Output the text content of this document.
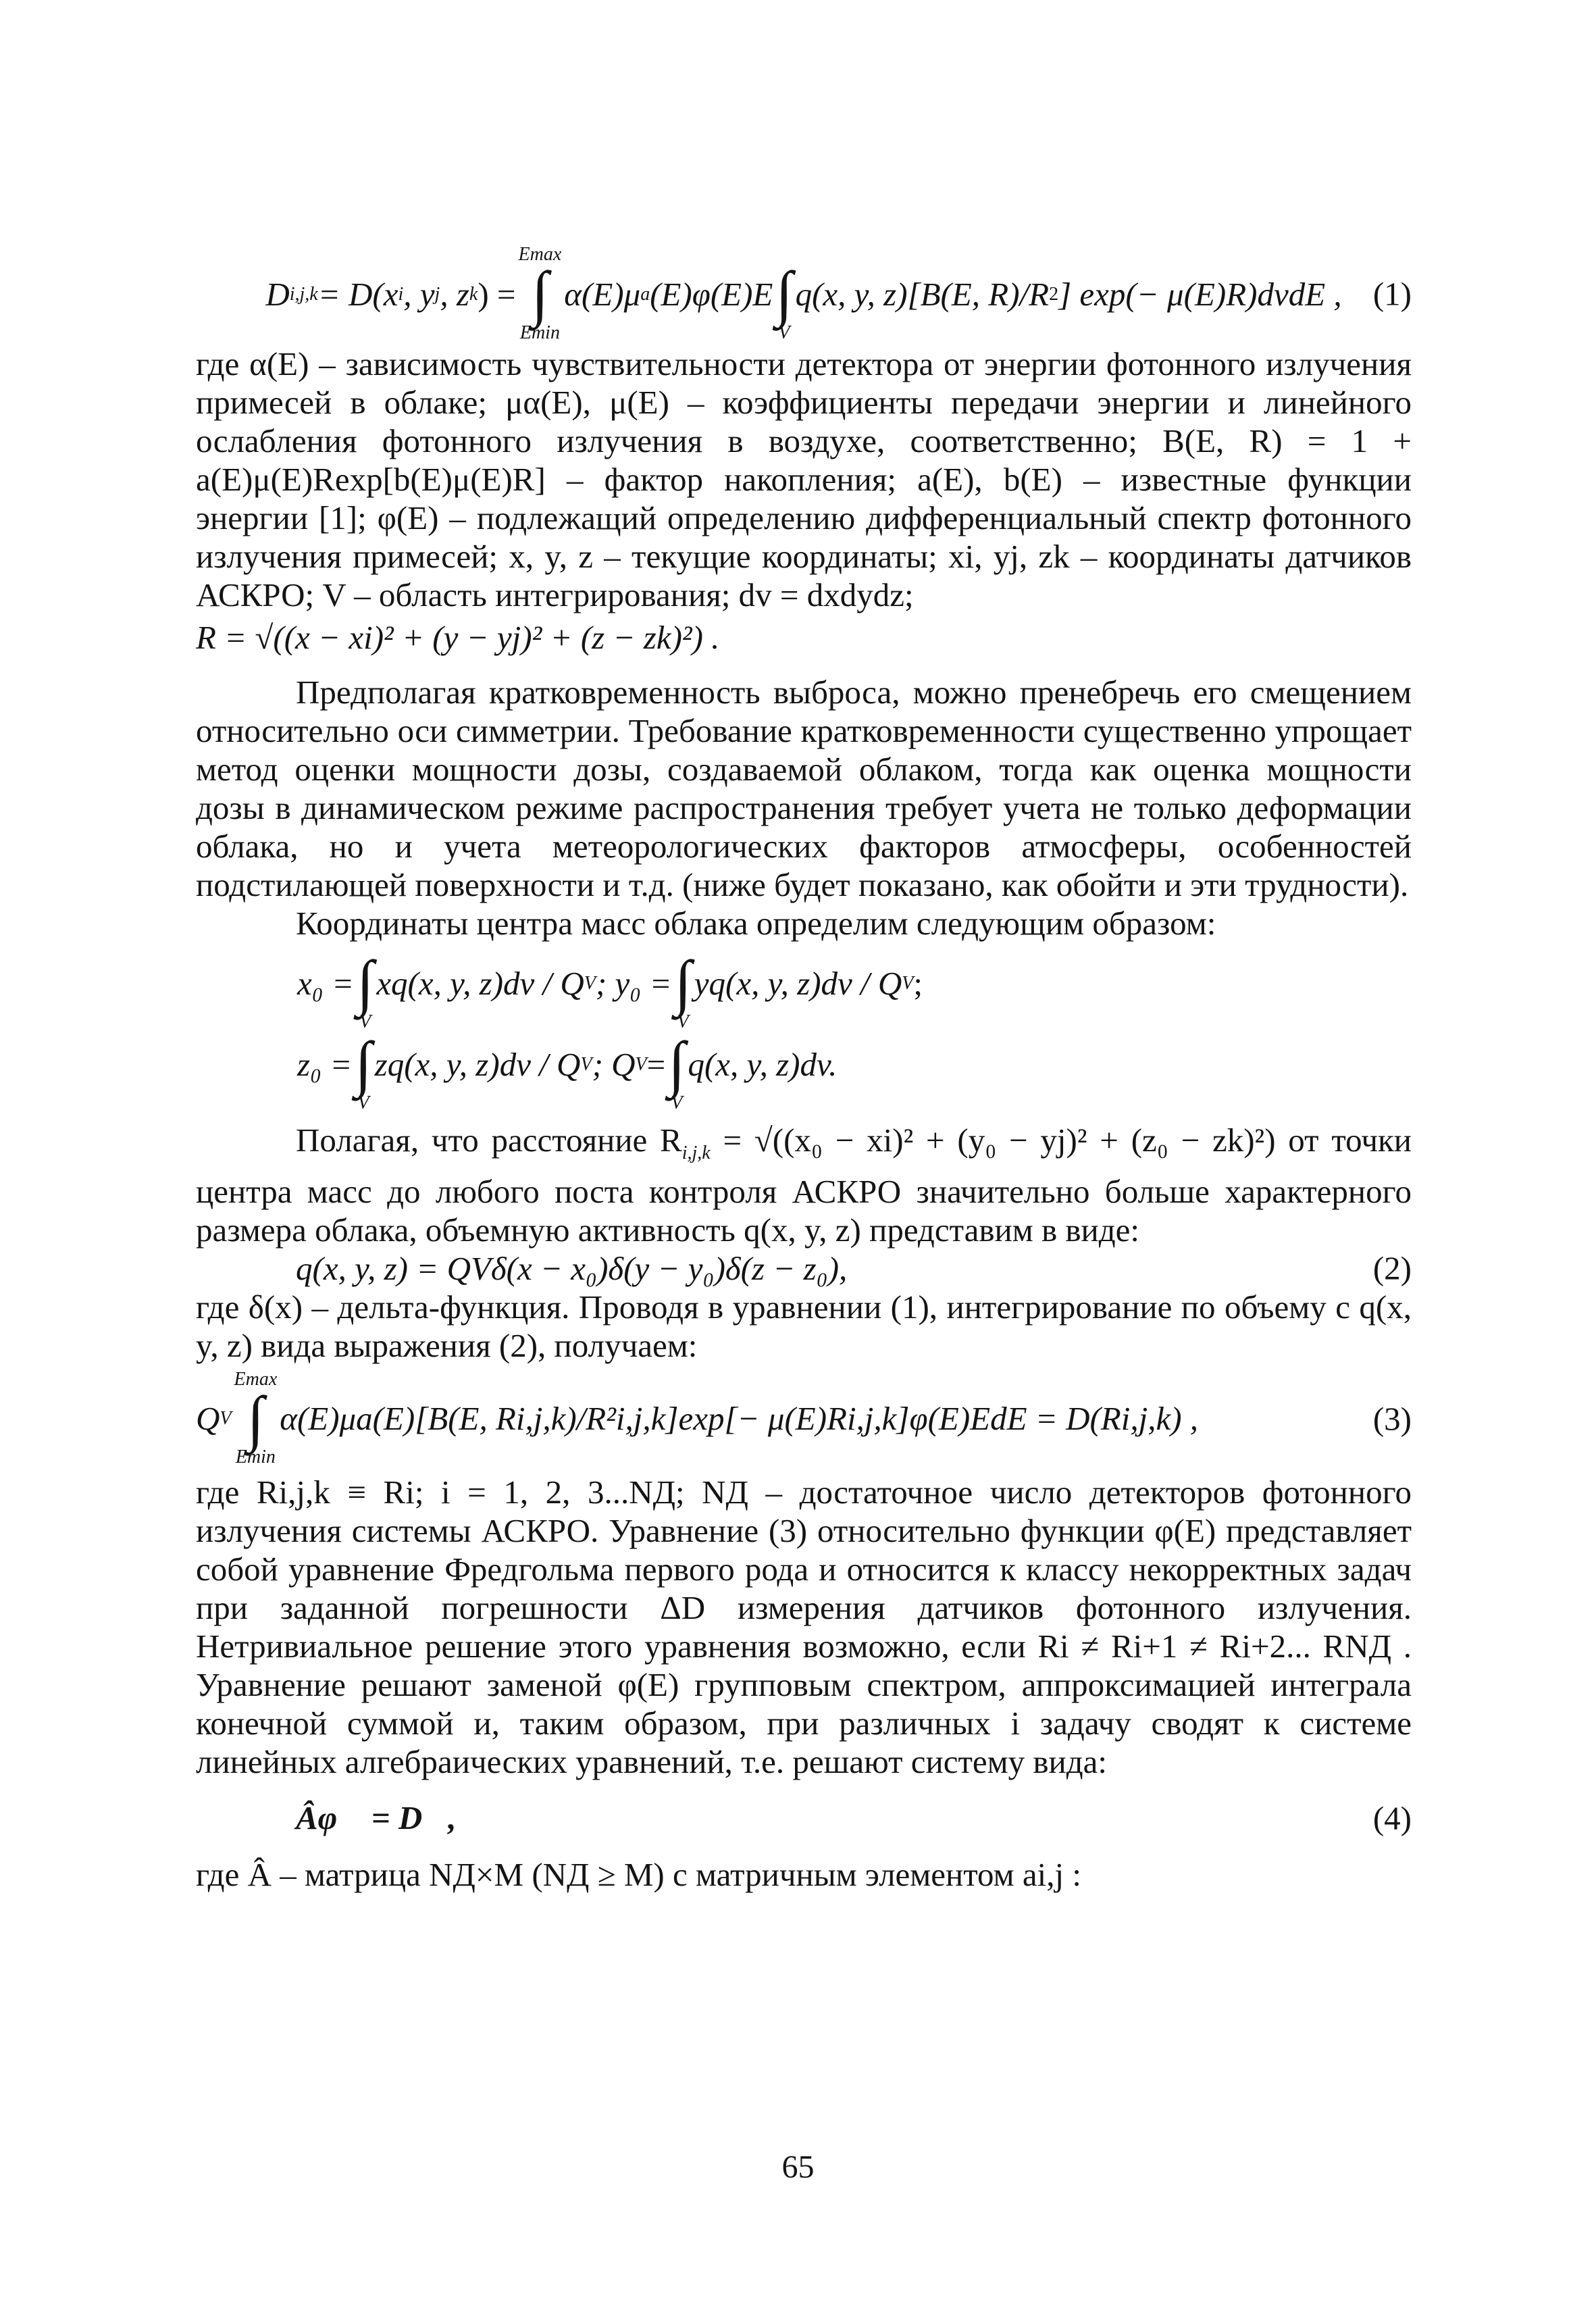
D i,j,k = D(x i , y j , z k ) =
Emax
∫
Emin
α(E)μ a (E)φ(E)E
∫
V
q(x, y, z)[B(E, R)/R 2 ] exp(− μ(E)R)dvdE , (1)

где α(E) – зависимость чувствительности детектора от энергии фотонного излучения примесей в облаке; μα(E), μ(E) – коэффициенты передачи энергии и линейного ослабления фотонного излучения в воздухе, соответственно; B(E, R) = 1 + a(E)μ(E)Rexp[b(E)μ(E)R] – фактор накопления; a(E), b(E) – известные функции энергии [1]; φ(E) – подлежащий определению дифференциальный спектр фотонного излучения примесей; x, y, z – текущие координаты; xi, yj, zk – координаты датчиков АСКРО; V – область интегрирования; dv = dxdydz;

R = √((x − xi)² + (y − yj)² + (z − zk)²) .

Предполагая кратковременность выброса, можно пренебречь его смещением относительно оси симметрии. Требование кратковременности существенно упрощает метод оценки мощности дозы, создаваемой облаком, тогда как оценка мощности дозы в динамическом режиме распространения требует учета не только деформации облака, но и учета метеорологических факторов атмосферы, особенностей подстилающей поверхности и т.д. (ниже будет показано, как обойти и эти трудности).

Координаты центра масс облака определим следующим образом:

x₀ =
∫
V
xq(x, y, z)dv / Q V ; y₀ =
∫
V
yq(x, y, z)dv / Q V ;
z₀ =
∫
V
zq(x, y, z)dv / Q V ; Q V =
∫
V
q(x, y, z)dv.

Полагая, что расстояние $R_{i,j,k} = √((x_0 - xi)^2 + (y_0 - yj)^2 + (z_0 - zk)^2)$ от точки центра масс до любого поста контроля АСКРО значительно больше характерного размера облака, объемную активность q(x, y, z) представим в виде:

q(x, y, z) = QVδ(x − x₀)δ(y − y₀)δ(z − z₀),	(2)

где δ(x) – дельта-функция. Проводя в уравнении (1), интегрирование по объему с q(x, y, z) вида выражения (2), получаем:

Q V
Emax
∫
Emin
α(E)μa(E)[B(E, Ri,j,k)/R²i,j,k]exp[− μ(E)Ri,j,k]φ(E)EdE = D(Ri,j,k) ,	(3)

где Ri,j,k ≡ Ri; i = 1, 2, 3...NД; NД – достаточное число детекторов фотонного излучения системы АСКРО. Уравнение (3) относительно функции φ(E) представляет собой уравнение Фредгольма первого рода и относится к классу некорректных задач при заданной погрешности ΔD измерения датчиков фотонного излучения. Нетривиальное решение этого уравнения возможно, если Ri ≠ Ri+1 ≠ Ri+2... RNД . Уравнение решают заменой φ(E) групповым спектром, аппроксимацией интеграла конечной суммой и, таким образом, при различных i задачу сводят к системе линейных алгебраических уравнений, т.е. решают систему вида:

Âφ⃗ = D⃗,	(4)

где Â – матрица NД×M (NД ≥ M) с матричным элементом ai,j :

65
